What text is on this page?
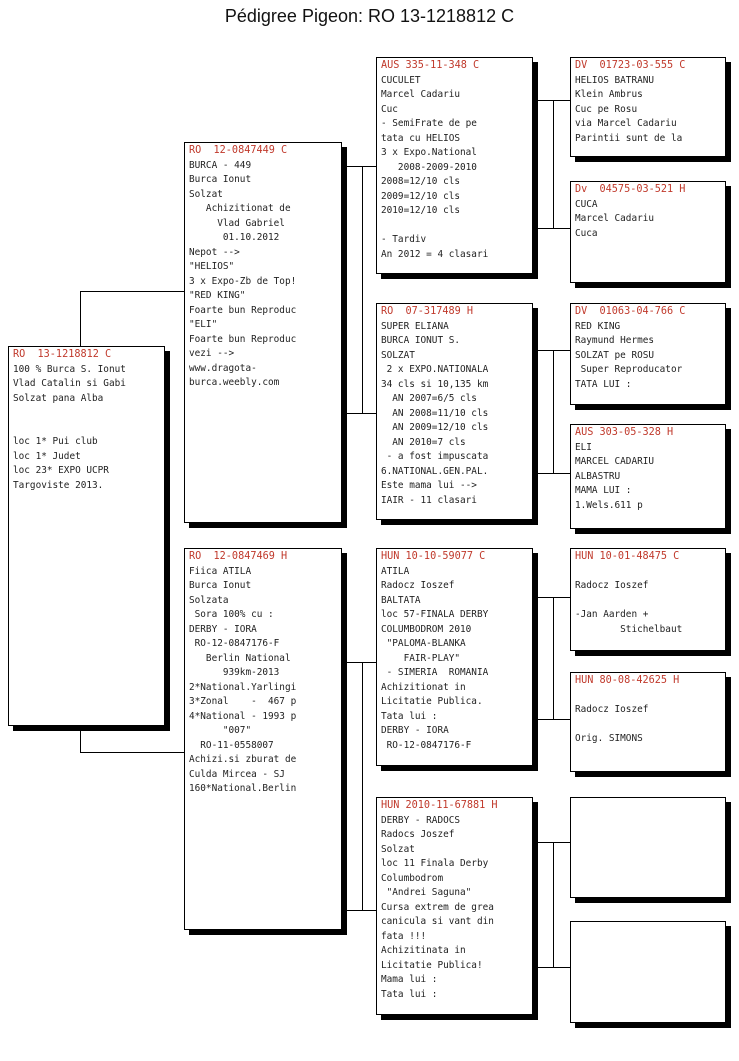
Pédigree Pigeon: RO 13-1218812 C
RO  13-1218812 C
100 % Burca S. Ionut
Vlad Catalin si Gabi
Solzat pana Alba
loc 1* Pui club
loc 1* Judet
loc 23* EXPO UCPR
Targoviste 2013.
RO  12-0847449 C
BURCA - 449
Burca Ionut
Solzat
Achizitionat de
Vlad Gabriel
01.10.2012
Nepot -->
"HELIOS"
3 x Expo-Zb de Top!
"RED KING"
Foarte bun Reproduc
"ELI"
Foarte bun Reproduc
vezi -->
www.dragota-
burca.weebly.com
RO  12-0847469 H
Fiica ATILA
Burca Ionut
Solzata
Sora 100% cu :
DERBY - IORA
RO-12-0847176-F
Berlin National
939km-2013
2*National.Yarlingi
3*Zonal    -  467 p
4*National - 1993 p
"007"
RO-11-0558007
Achizi.si zburat de
Culda Mircea - SJ
160*National.Berlin
AUS 335-11-348 C
CUCULET
Marcel Cadariu
Cuc
- SemiFrate de pe
tata cu HELIOS
3 x Expo.National
2008-2009-2010
2008=12/10 cls
2009=12/10 cls
2010=12/10 cls
- Tardiv
An 2012 = 4 clasari
RO  07-317489 H
SUPER ELIANA
BURCA IONUT S.
SOLZAT
2 x EXPO.NATIONALA
34 cls si 10,135 km
AN 2007=6/5 cls
AN 2008=11/10 cls
AN 2009=12/10 cls
AN 2010=7 cls
- a fost impuscata
6.NATIONAL.GEN.PAL.
Este mama lui -->
IAIR - 11 clasari
HUN 10-10-59077 C
ATILA
Radocz Ioszef
BALTATA
loc 57-FINALA DERBY
COLUMBODROM 2010
"PALOMA-BLANKA
FAIR-PLAY"
- SIMERIA  ROMANIA
Achizitionat in
Licitatie Publica.
Tata lui :
DERBY - IORA
RO-12-0847176-F
HUN 2010-11-67881 H
DERBY - RADOCS
Radocs Joszef
Solzat
loc 11 Finala Derby
Columbodrom
"Andrei Saguna"
Cursa extrem de grea
canicula si vant din
fata !!!
Achizitinata in
Licitatie Publica!
Mama lui :
Tata lui :
DV  01723-03-555 C
HELIOS BATRANU
Klein Ambrus
Cuc pe Rosu
via Marcel Cadariu
Parintii sunt de la
Dv  04575-03-521 H
CUCA
Marcel Cadariu
Cuca
DV  01063-04-766 C
RED KING
Raymund Hermes
SOLZAT pe ROSU
Super Reproducator
TATA LUI :
AUS 303-05-328 H
ELI
MARCEL CADARIU
ALBASTRU
MAMA LUI :
1.Wels.611 p
HUN 10-01-48475 C
Radocz Ioszef
-Jan Aarden +
Stichelbaut
HUN 80-08-42625 H
Radocz Ioszef
Orig. SIMONS
